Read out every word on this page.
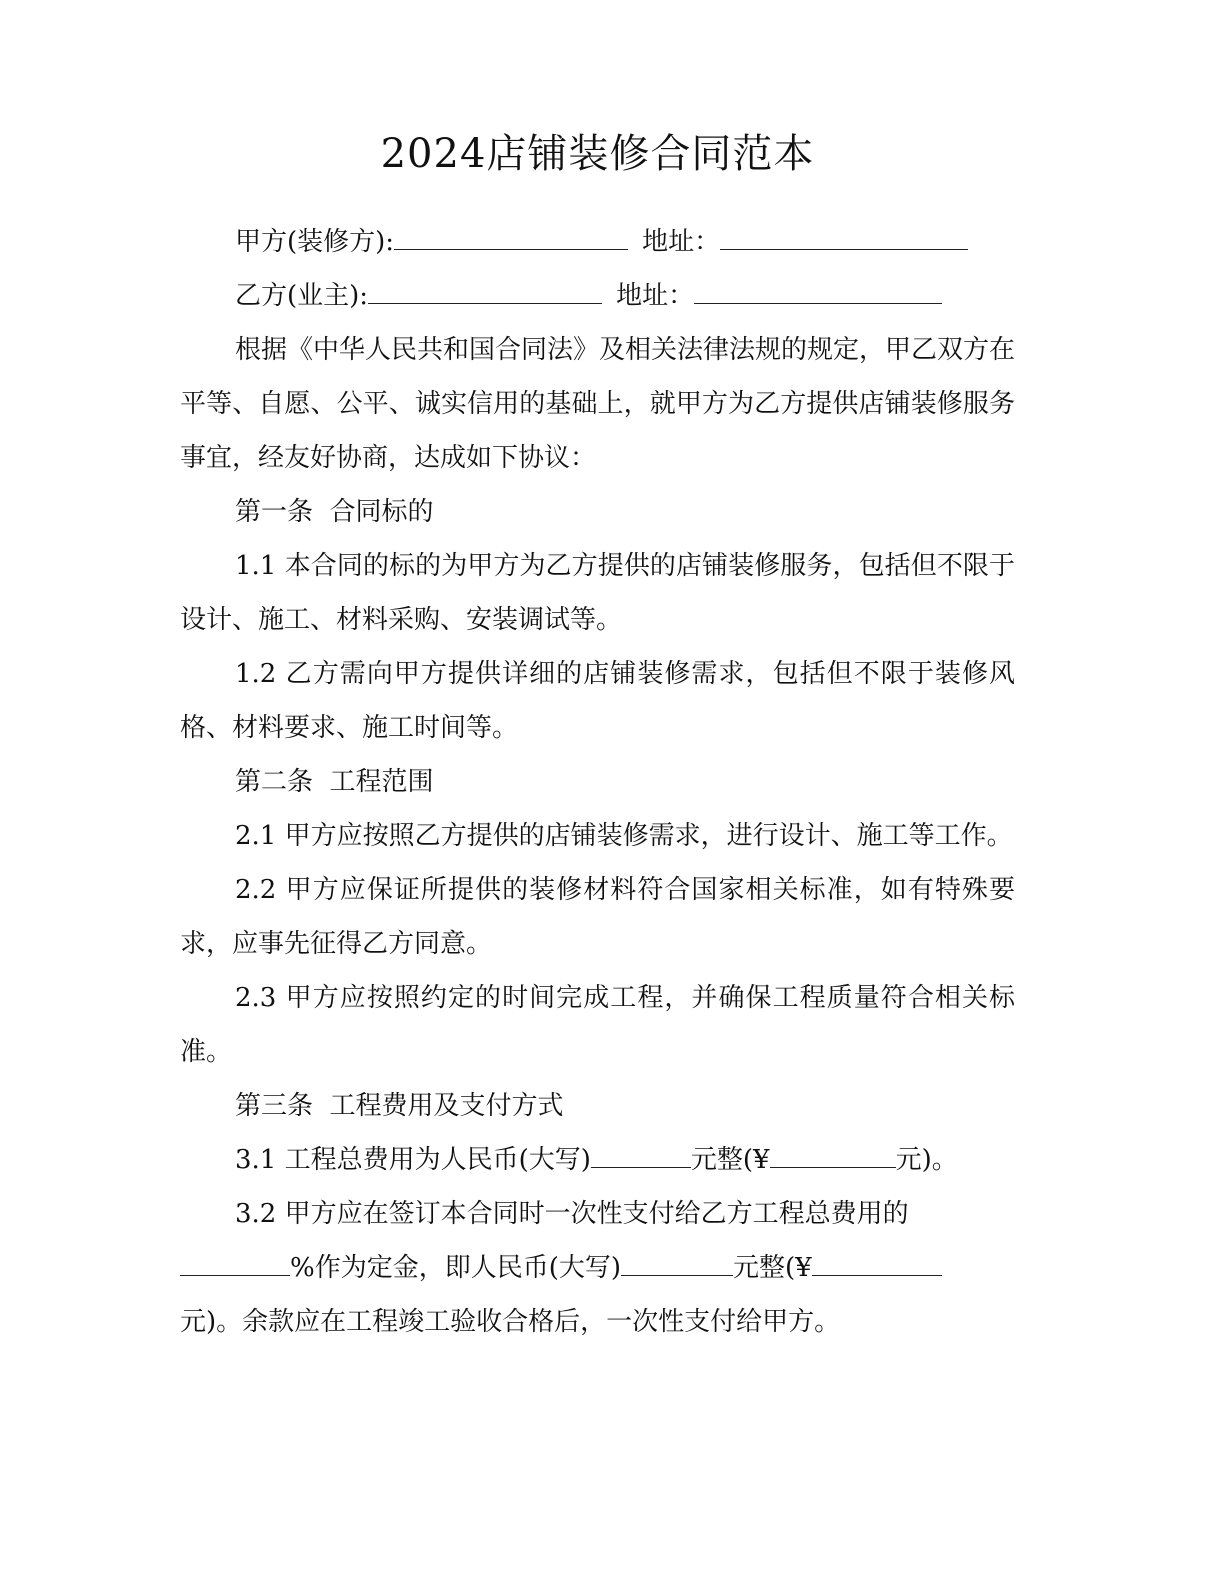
2024店铺装修合同范本

甲方(装修方):	地址：

乙方(业主):	地址：

根据《中华人民共和国合同法》及相关法律法规的规定，甲乙双方在平等、自愿、公平、诚实信用的基础上，就甲方为乙方提供店铺装修服务事宜，经友好协商，达成如下协议：

第一条  合同标的

1.1 本合同的标的为甲方为乙方提供的店铺装修服务，包括但不限于设计、施工、材料采购、安装调试等。

1.2 乙方需向甲方提供详细的店铺装修需求，包括但不限于装修风格、材料要求、施工时间等。

第二条  工程范围

2.1 甲方应按照乙方提供的店铺装修需求，进行设计、施工等工作。

2.2 甲方应保证所提供的装修材料符合国家相关标准，如有特殊要求，应事先征得乙方同意。

2.3 甲方应按照约定的时间完成工程，并确保工程质量符合相关标准。

第三条  工程费用及支付方式

3.1 工程总费用为人民币(大写)	元整(¥	元)。

3.2 甲方应在签订本合同时一次性支付给乙方工程总费用的
%作为定金，即人民币(大写)	元整(¥
元)。余款应在工程竣工验收合格后，一次性支付给甲方。
